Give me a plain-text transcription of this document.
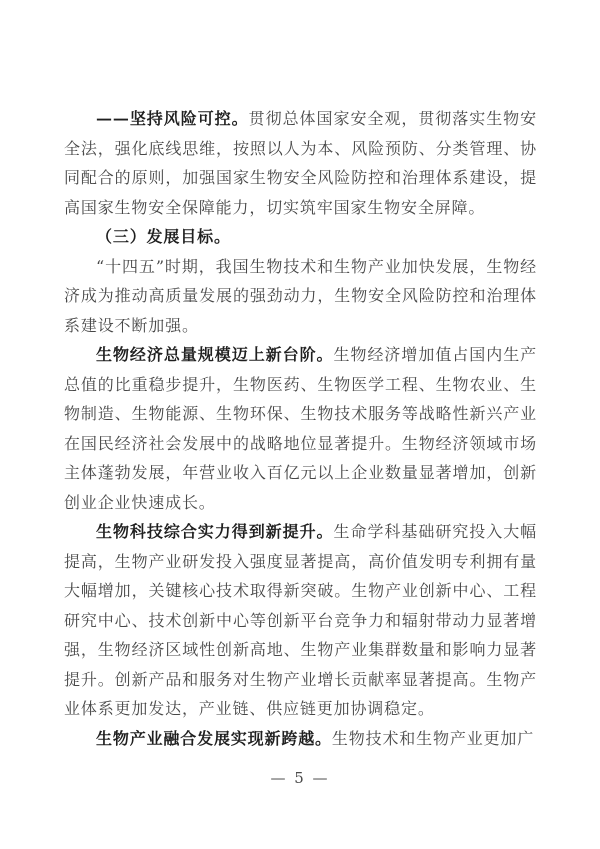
——坚持风险可控。贯彻总体国家安全观，贯彻落实生物安全法，强化底线思维，按照以人为本、风险预防、分类管理、协同配合的原则，加强国家生物安全风险防控和治理体系建设，提高国家生物安全保障能力，切实筑牢国家生物安全屏障。

（三）发展目标。

“十四五”时期，我国生物技术和生物产业加快发展，生物经济成为推动高质量发展的强劲动力，生物安全风险防控和治理体系建设不断加强。

生物经济总量规模迈上新台阶。生物经济增加值占国内生产总值的比重稳步提升，生物医药、生物医学工程、生物农业、生物制造、生物能源、生物环保、生物技术服务等战略性新兴产业在国民经济社会发展中的战略地位显著提升。生物经济领域市场主体蓬勃发展，年营业收入百亿元以上企业数量显著增加，创新创业企业快速成长。

生物科技综合实力得到新提升。生命学科基础研究投入大幅提高，生物产业研发投入强度显著提高，高价值发明专利拥有量大幅增加，关键核心技术取得新突破。生物产业创新中心、工程研究中心、技术创新中心等创新平台竞争力和辐射带动力显著增强，生物经济区域性创新高地、生物产业集群数量和影响力显著提升。创新产品和服务对生物产业增长贡献率显著提高。生物产业体系更加发达，产业链、供应链更加协调稳定。

生物产业融合发展实现新跨越。生物技术和生物产业更加广

— 5 —
